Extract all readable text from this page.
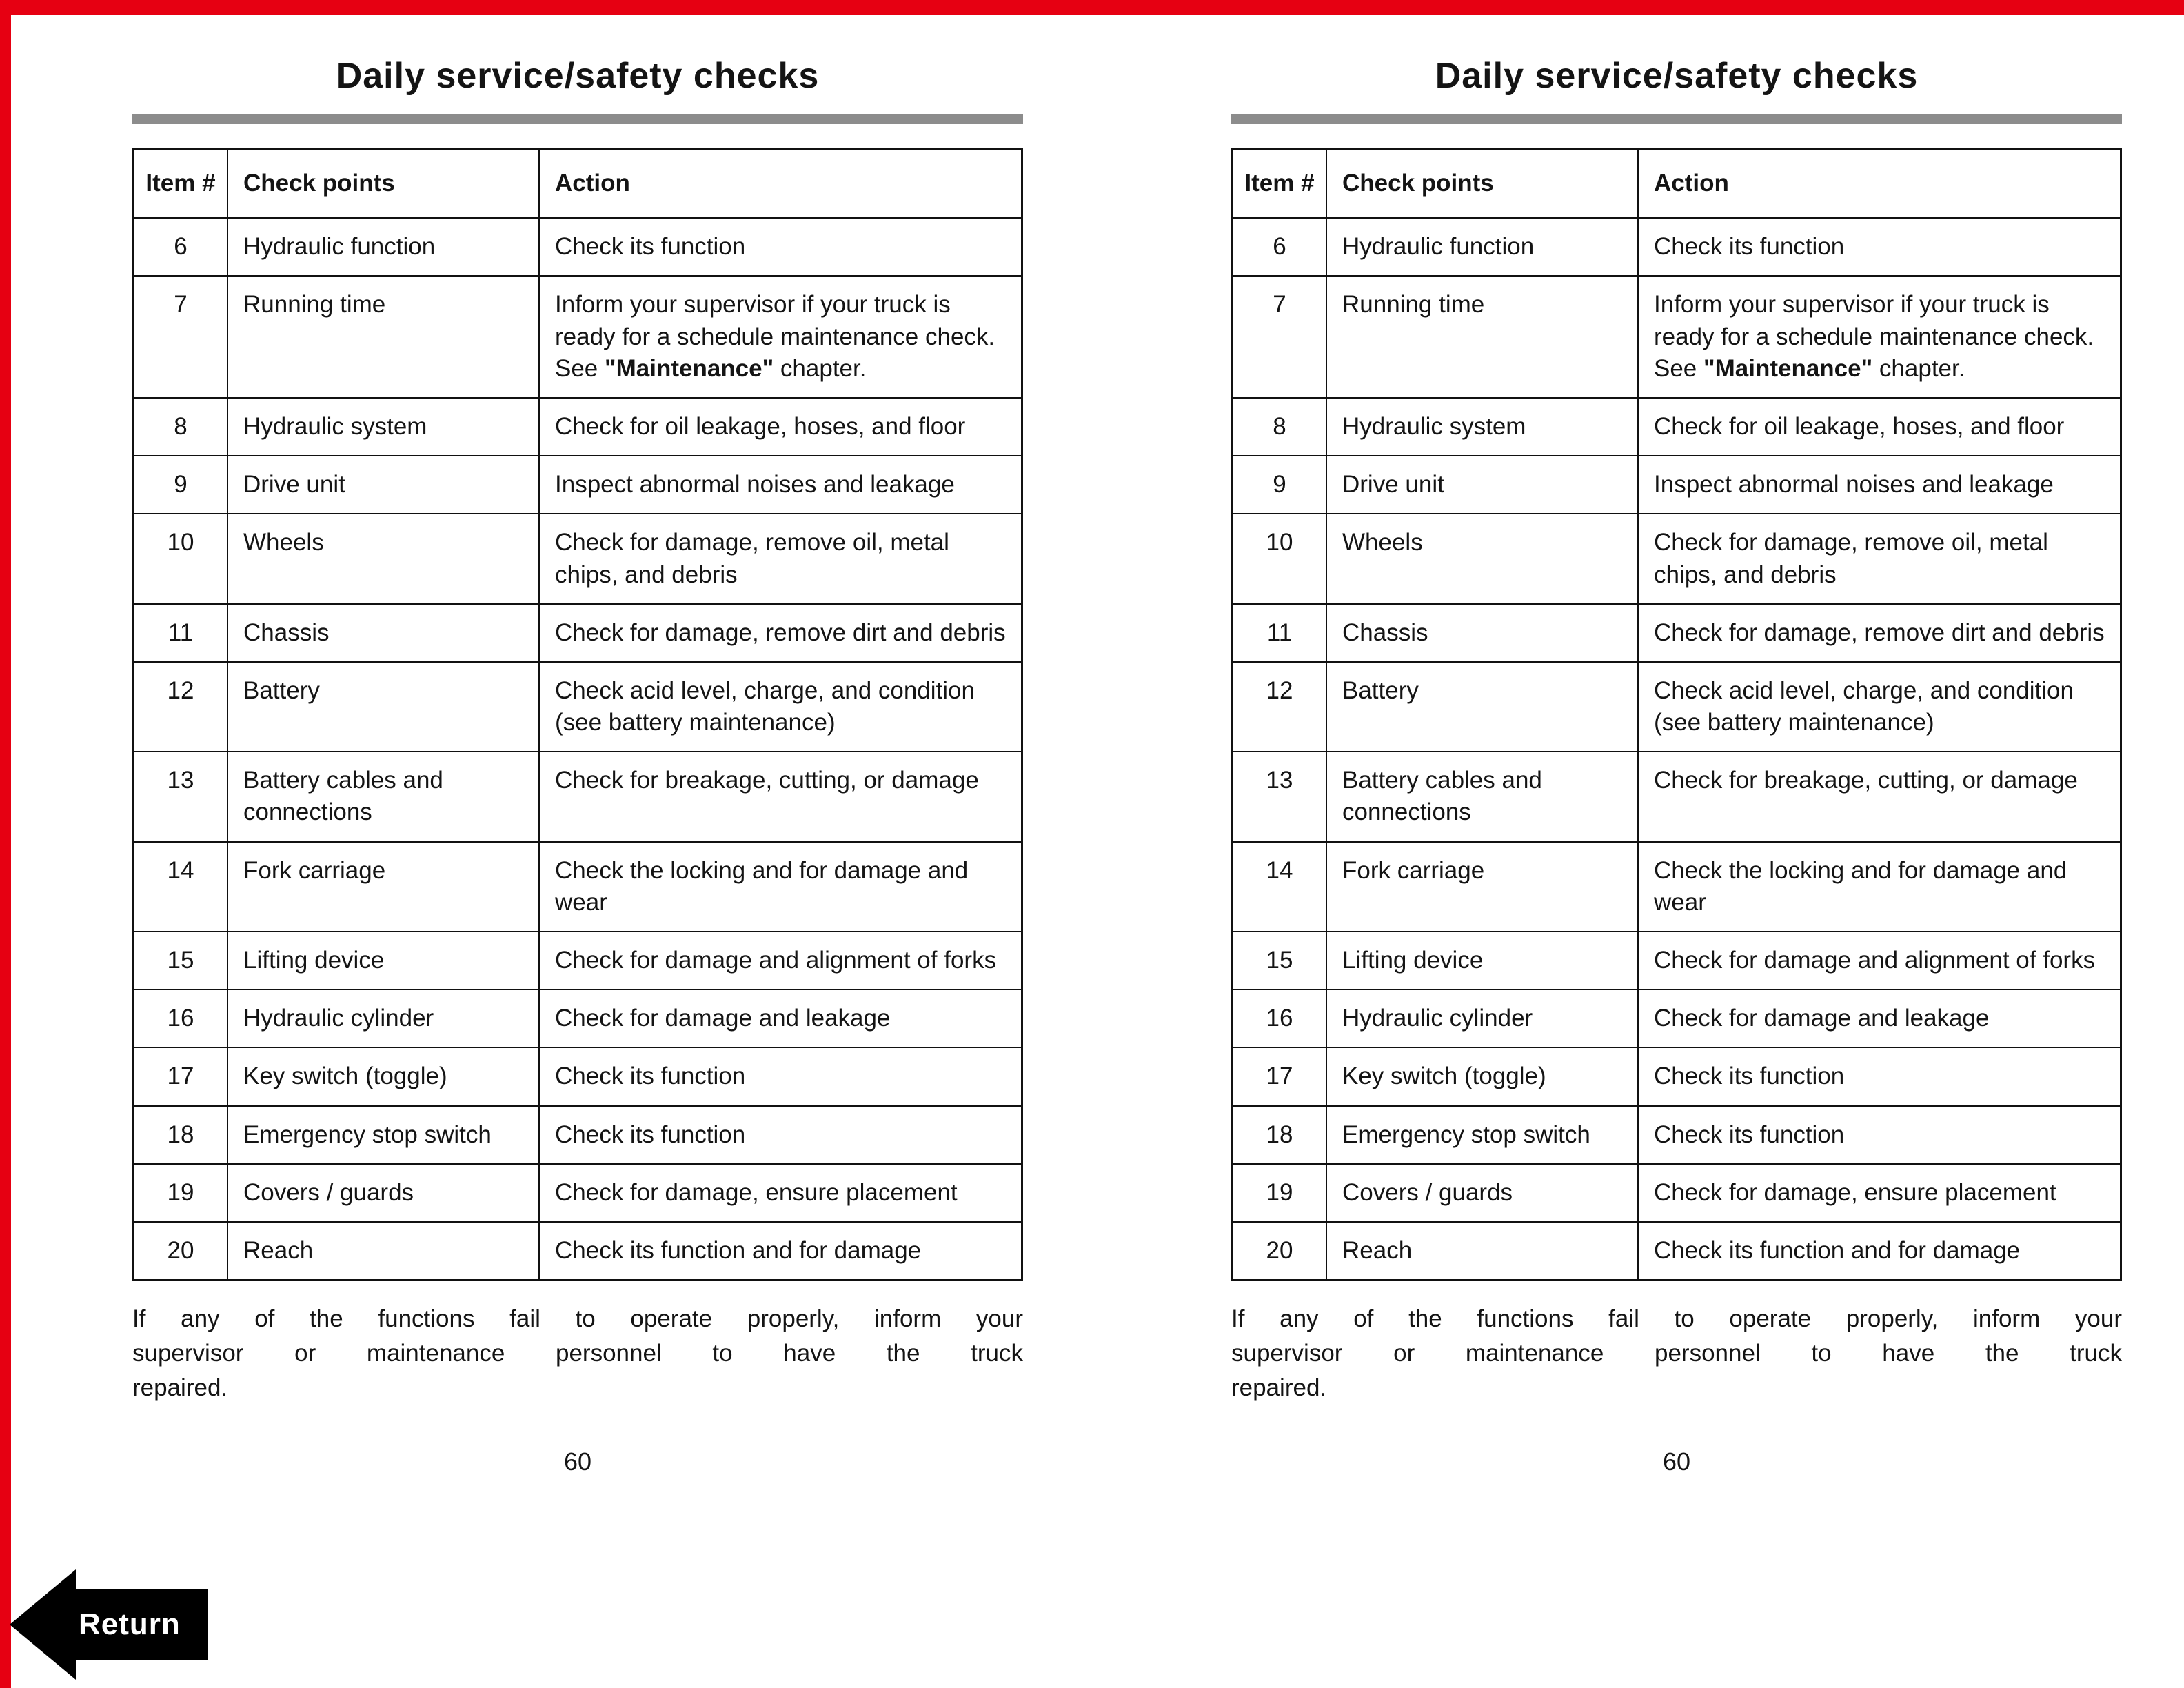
Daily service/safety checks
Item #	Check points	Action
6	Hydraulic function	Check its function
7	Running time	Inform your supervisor if your truck is ready for a schedule maintenance check. See "Maintenance" chapter.
8	Hydraulic system	Check for oil leakage, hoses, and floor
9	Drive unit	Inspect abnormal noises and leakage
10	Wheels	Check for damage, remove oil, metal chips, and debris
11	Chassis	Check for damage, remove dirt and debris
12	Battery	Check acid level, charge, and condition (see battery maintenance)
13	Battery cables and connections	Check for breakage, cutting, or damage
14	Fork carriage	Check the locking and for damage and wear
15	Lifting device	Check for damage and alignment of forks
16	Hydraulic cylinder	Check for damage and leakage
17	Key switch (toggle)	Check its function
18	Emergency stop switch	Check its function
19	Covers / guards	Check for damage, ensure placement
20	Reach	Check its function and for damage
If any of the functions fail to operate properly, inform your
supervisor or maintenance personnel to have the truck
repaired.
60
Daily service/safety checks
Item #	Check points	Action
6	Hydraulic function	Check its function
7	Running time	Inform your supervisor if your truck is ready for a schedule maintenance check. See "Maintenance" chapter.
8	Hydraulic system	Check for oil leakage, hoses, and floor
9	Drive unit	Inspect abnormal noises and leakage
10	Wheels	Check for damage, remove oil, metal chips, and debris
11	Chassis	Check for damage, remove dirt and debris
12	Battery	Check acid level, charge, and condition (see battery maintenance)
13	Battery cables and connections	Check for breakage, cutting, or damage
14	Fork carriage	Check the locking and for damage and wear
15	Lifting device	Check for damage and alignment of forks
16	Hydraulic cylinder	Check for damage and leakage
17	Key switch (toggle)	Check its function
18	Emergency stop switch	Check its function
19	Covers / guards	Check for damage, ensure placement
20	Reach	Check its function and for damage
If any of the functions fail to operate properly, inform your
supervisor or maintenance personnel to have the truck
repaired.
60
Return
